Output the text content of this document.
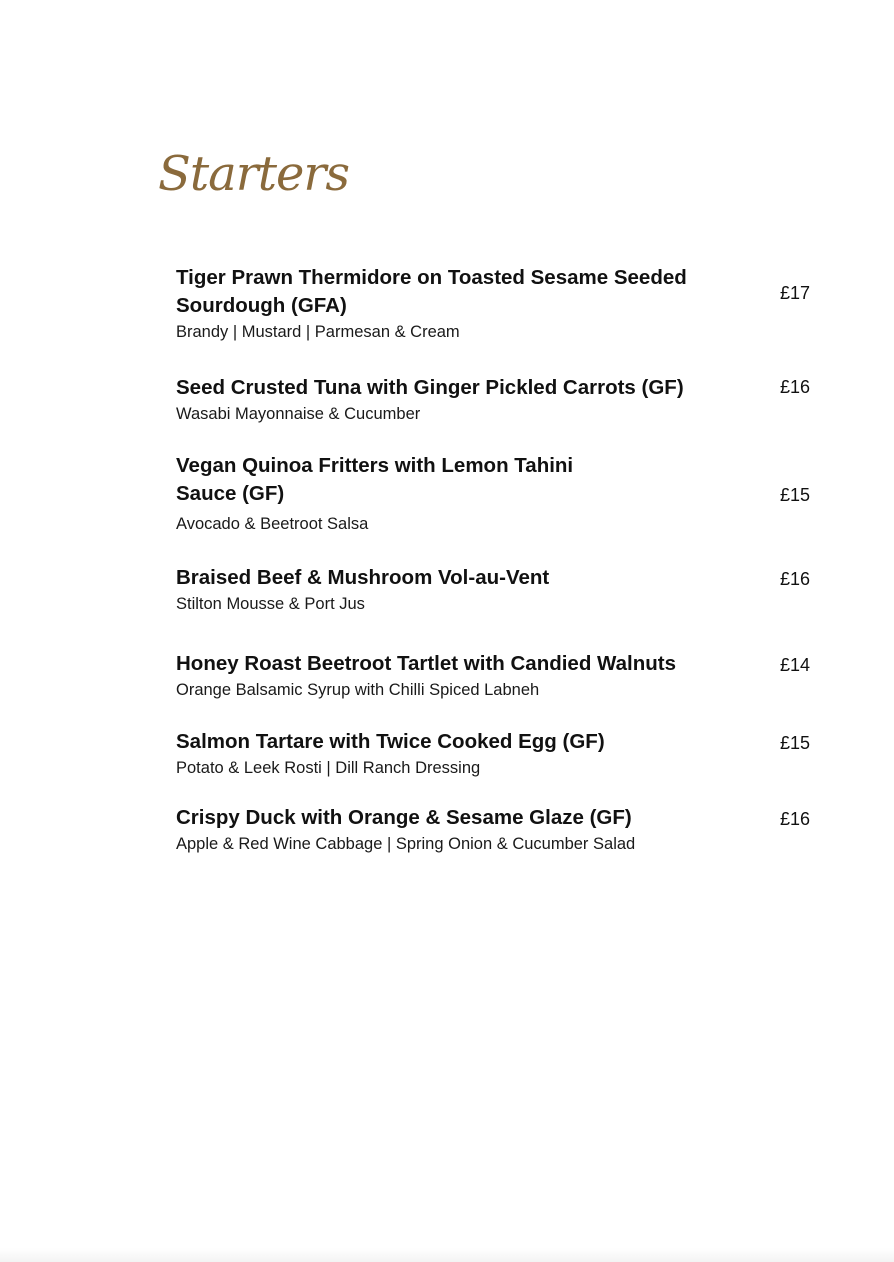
Starters
Tiger Prawn Thermidore on Toasted Sesame Seeded Sourdough (GFA)
Brandy | Mustard | Parmesan & Cream
£17
Seed Crusted Tuna with Ginger Pickled Carrots (GF)
Wasabi Mayonnaise & Cucumber
£16
Vegan Quinoa Fritters with Lemon Tahini Sauce (GF)
Avocado & Beetroot Salsa
£15
Braised Beef & Mushroom Vol-au-Vent
Stilton Mousse & Port Jus
£16
Honey Roast Beetroot Tartlet with Candied Walnuts
Orange Balsamic Syrup with Chilli Spiced Labneh
£14
Salmon Tartare with Twice Cooked Egg (GF)
Potato & Leek Rosti | Dill Ranch Dressing
£15
Crispy Duck with Orange & Sesame Glaze (GF)
Apple & Red Wine Cabbage | Spring Onion & Cucumber Salad
£16
